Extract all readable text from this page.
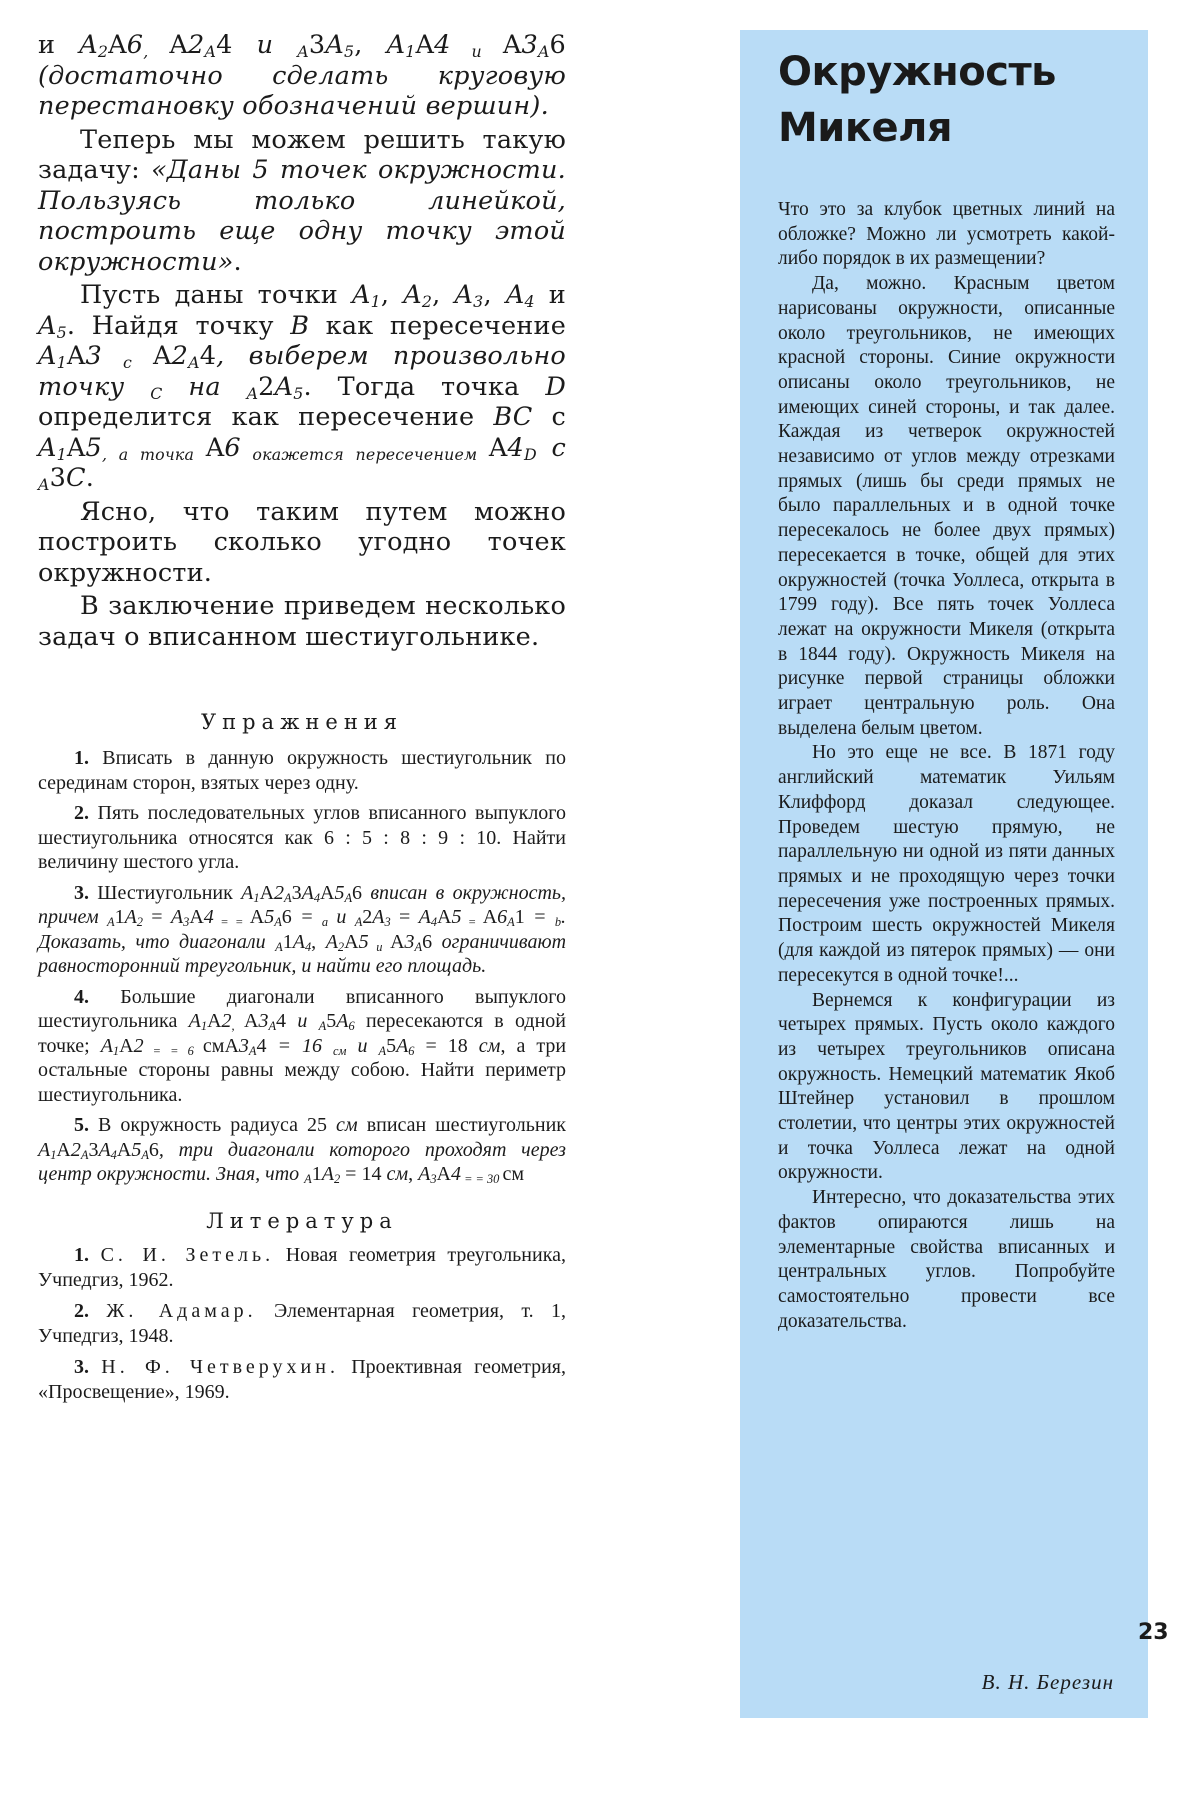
и $A_2A6_,$ $A2_A4$ и $_A3A_5$, $A_1A4$ $_и$ $A3_A6$ (достаточно сделать круговую перестановку обозначений вершин).

Теперь мы можем решить такую задачу: «Даны 5 точек окружности. Пользуясь только линейкой, построить еще одну точку этой окружности».

Пусть даны точки $A_1$, $A_2$, $A_3$, $A_4$ и $A_5$. Найдя точку B как пересечение $A_1A3$ $_с$ $A2_A4$, выберем произвольно точку $_C$ на $_A2A_5$. Тогда точка D определится как пересечение BC с $A_1A5_{, а точка}$ A6 $_{окажется пересечением}$ $A4_D$ с $_A$3C.

Ясно, что таким путем можно построить сколько угодно точек окружности.

В заключение приведем несколько задач о вписанном шестиугольнике.

Упражнения

1. Вписать в данную окружность шестиугольник по серединам сторон, взятых через одну.

2. Пять последовательных углов вписанного выпуклого шестиугольника относятся как 6 : 5 : 8 : 9 : 10. Найти величину шестого угла.

3. Шестиугольник $A_1A2_A3A_4A5_A6$ вписан в окружность, причем $_A1A_2 = A_3A4$ $_{= =}$ $A5_A6 = _a$ и $_A2A_3 = A_4A5$ $_=$ $A6_A1 = _b$. Доказать, что диагонали $_A1A_4$, $A_2A5$ $_и$ $A3_A6$ ограничивают равносторонний треугольник, и найти его площадь.

4. Большие диагонали вписанного выпуклого шестиугольника $A_1A2_,$ $A3_A4$ и $_A5A_6$ пересекаются в одной точке; $A_1A2$ $_{= = 6}$ $смA3_A4 = 16$ $_{см}$ и $_A5A_6 = 18$ см, а три остальные стороны равны между собою. Найти периметр шестиугольника.

5. В окружность радиуса 25 см вписан шестиугольник $A_1A2_A3A_4A5_A6$, три диагонали которого проходят через центр окружности. Зная, что $_A1A_2 = 14$ см, $A_3A4$ $_{= = 30}$ см

Литература

1. С. И. Зетель. Новая геометрия треугольника, Учпедгиз, 1962.

2. Ж. Адамар. Элементарная геометрия, т. 1, Учпедгиз, 1948.

3. Н. Ф. Четверухин. Проективная геометрия, «Просвещение», 1969.

Окружность Микеля

Что это за клубок цветных линий на обложке? Можно ли усмотреть какой-либо порядок в их размещении?

Да, можно. Красным цветом нарисованы окружности, описанные около треугольников, не имеющих красной стороны. Синие окружности описаны около треугольников, не имеющих синей стороны, и так далее. Каждая из четверок окружностей независимо от углов между отрезками прямых (лишь бы среди прямых не было параллельных и в одной точке пересекалось не более двух прямых) пересекается в точке, общей для этих окружностей (точка Уоллеса, открыта в 1799 году). Все пять точек Уоллеса лежат на окружности Микеля (открыта в 1844 году). Окружность Микеля на рисунке первой страницы обложки играет центральную роль. Она выделена белым цветом.

Но это еще не все. В 1871 году английский математик Уильям Клиффорд доказал следующее. Проведем шестую прямую, не параллельную ни одной из пяти данных прямых и не проходящую через точки пересечения уже построенных прямых. Построим шесть окружностей Микеля (для каждой из пятерок прямых) — они пересекутся в одной точке!...

Вернемся к конфигурации из четырех прямых. Пусть около каждого из четырех треугольников описана окружность. Немецкий математик Якоб Штейнер установил в прошлом столетии, что центры этих окружностей и точка Уоллеса лежат на одной окружности.

Интересно, что доказательства этих фактов опираются лишь на элементарные свойства вписанных и центральных углов. Попробуйте самостоятельно провести все доказательства.

В. Н. Березин
23
